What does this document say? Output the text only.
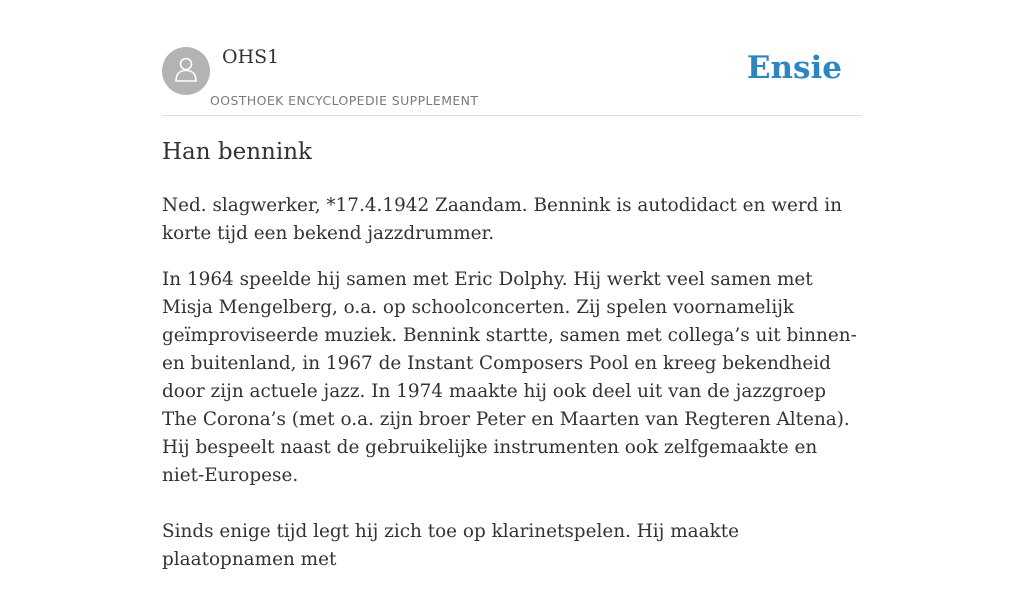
OHS1
OOSTHOEK ENCYCLOPEDIE SUPPLEMENT
Ensie
Han bennink

Ned. slagwerker, *17.4.1942 Zaandam. Bennink is autodidact en werd in korte tijd een bekend jazzdrummer.

In 1964 speelde hij samen met Eric Dolphy. Hij werkt veel samen met Misja Mengelberg, o.a. op schoolconcerten. Zij spelen voornamelijk geïmproviseerde muziek. Bennink startte, samen met collega’s uit binnen- en buitenland, in 1967 de Instant Composers Pool en kreeg bekendheid door zijn actuele jazz. In 1974 maakte hij ook deel uit van de jazzgroep The Corona’s (met o.a. zijn broer Peter en Maarten van Regteren Altena). Hij bespeelt naast de gebruikelijke instrumenten ook zelfgemaakte en niet-Europese.

Sinds enige tijd legt hij zich toe op klarinetspelen. Hij maakte plaatopnamen met
